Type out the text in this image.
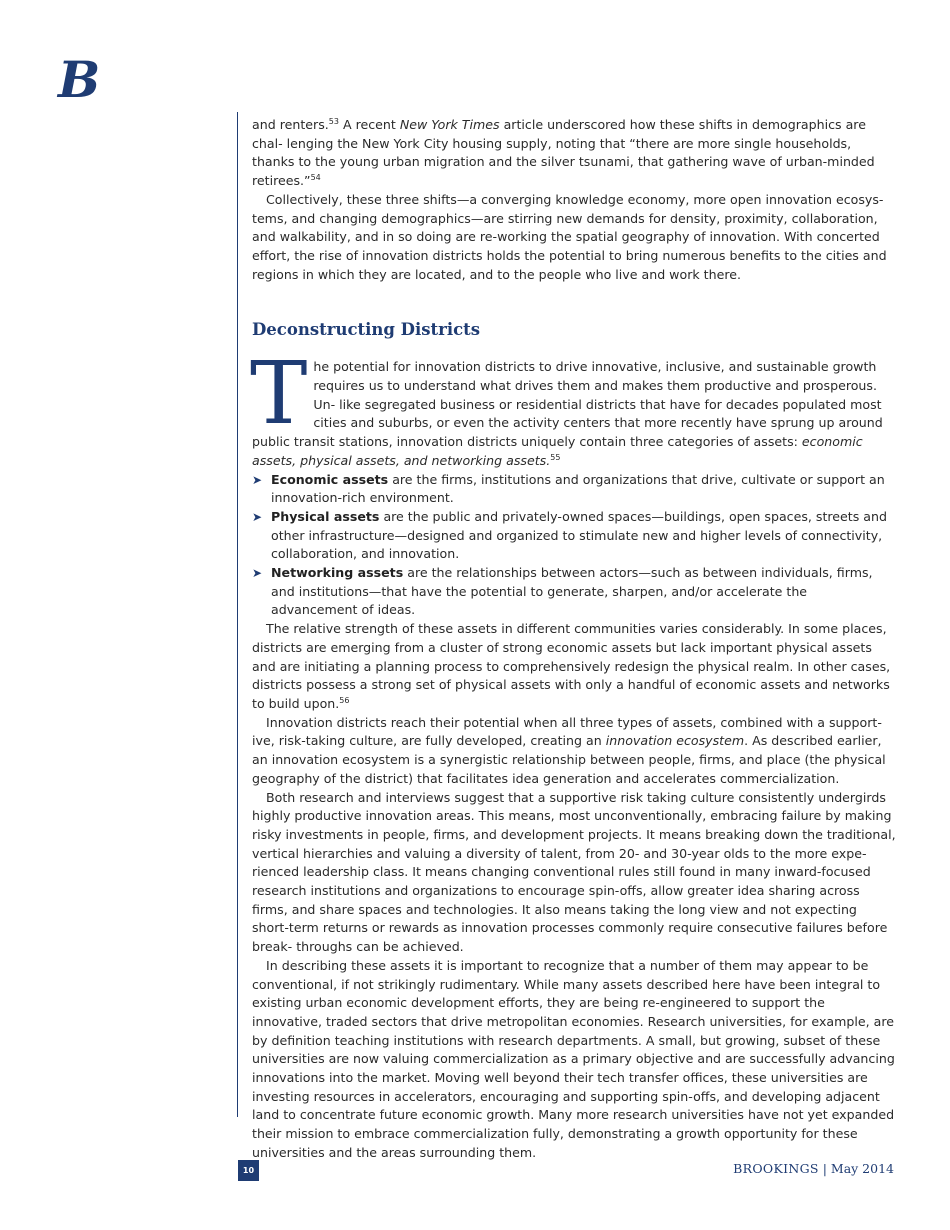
B

and renters.$^{53}$ A recent New York Times article underscored how these shifts in demographics are chal- lenging the New York City housing supply, noting that “there are more single households, thanks to the young urban migration and the silver tsunami, that gathering wave of urban-minded retirees.”$^{54}$

Collectively, these three shifts—a converging knowledge economy, more open innovation ecosys- tems, and changing demographics—are stirring new demands for density, proximity, collaboration, and walkability, and in so doing are re-working the spatial geography of innovation. With concerted effort, the rise of innovation districts holds the potential to bring numerous benefits to the cities and regions in which they are located, and to the people who live and work there.

Deconstructing Districts

The potential for innovation districts to drive innovative, inclusive, and sustainable growth requires us to understand what drives them and makes them productive and prosperous. Un- like segregated business or residential districts that have for decades populated most cities and suburbs, or even the activity centers that more recently have sprung up around public transit stations, innovation districts uniquely contain three categories of assets: economic assets, physical assets, and networking assets.$^{55}$

➤ Economic assets are the firms, institutions and organizations that drive, cultivate or support an innovation-rich environment.
➤ Physical assets are the public and privately-owned spaces—buildings, open spaces, streets and other infrastructure—designed and organized to stimulate new and higher levels of connectivity, collaboration, and innovation.
➤ Networking assets are the relationships between actors—such as between individuals, firms, and institutions—that have the potential to generate, sharpen, and/or accelerate the advancement of ideas.

The relative strength of these assets in different communities varies considerably. In some places, districts are emerging from a cluster of strong economic assets but lack important physical assets and are initiating a planning process to comprehensively redesign the physical realm. In other cases, districts possess a strong set of physical assets with only a handful of economic assets and networks to build upon.$^{56}$

Innovation districts reach their potential when all three types of assets, combined with a support- ive, risk-taking culture, are fully developed, creating an innovation ecosystem. As described earlier, an innovation ecosystem is a synergistic relationship between people, firms, and place (the physical geography of the district) that facilitates idea generation and accelerates commercialization.

Both research and interviews suggest that a supportive risk taking culture consistently undergirds highly productive innovation areas. This means, most unconventionally, embracing failure by making risky investments in people, firms, and development projects. It means breaking down the traditional, vertical hierarchies and valuing a diversity of talent, from 20- and 30-year olds to the more expe- rienced leadership class. It means changing conventional rules still found in many inward-focused research institutions and organizations to encourage spin-offs, allow greater idea sharing across firms, and share spaces and technologies. It also means taking the long view and not expecting short-term returns or rewards as innovation processes commonly require consecutive failures before break- throughs can be achieved.

In describing these assets it is important to recognize that a number of them may appear to be conventional, if not strikingly rudimentary. While many assets described here have been integral to existing urban economic development efforts, they are being re-engineered to support the innovative, traded sectors that drive metropolitan economies. Research universities, for example, are by definition teaching institutions with research departments. A small, but growing, subset of these universities are now valuing commercialization as a primary objective and are successfully advancing innovations into the market. Moving well beyond their tech transfer offices, these universities are investing resources in accelerators, encouraging and supporting spin-offs, and developing adjacent land to concentrate future economic growth. Many more research universities have not yet expanded their mission to embrace commercialization fully, demonstrating a growth opportunity for these universities and the areas surrounding them.

10	BROOKINGS | May 2014
